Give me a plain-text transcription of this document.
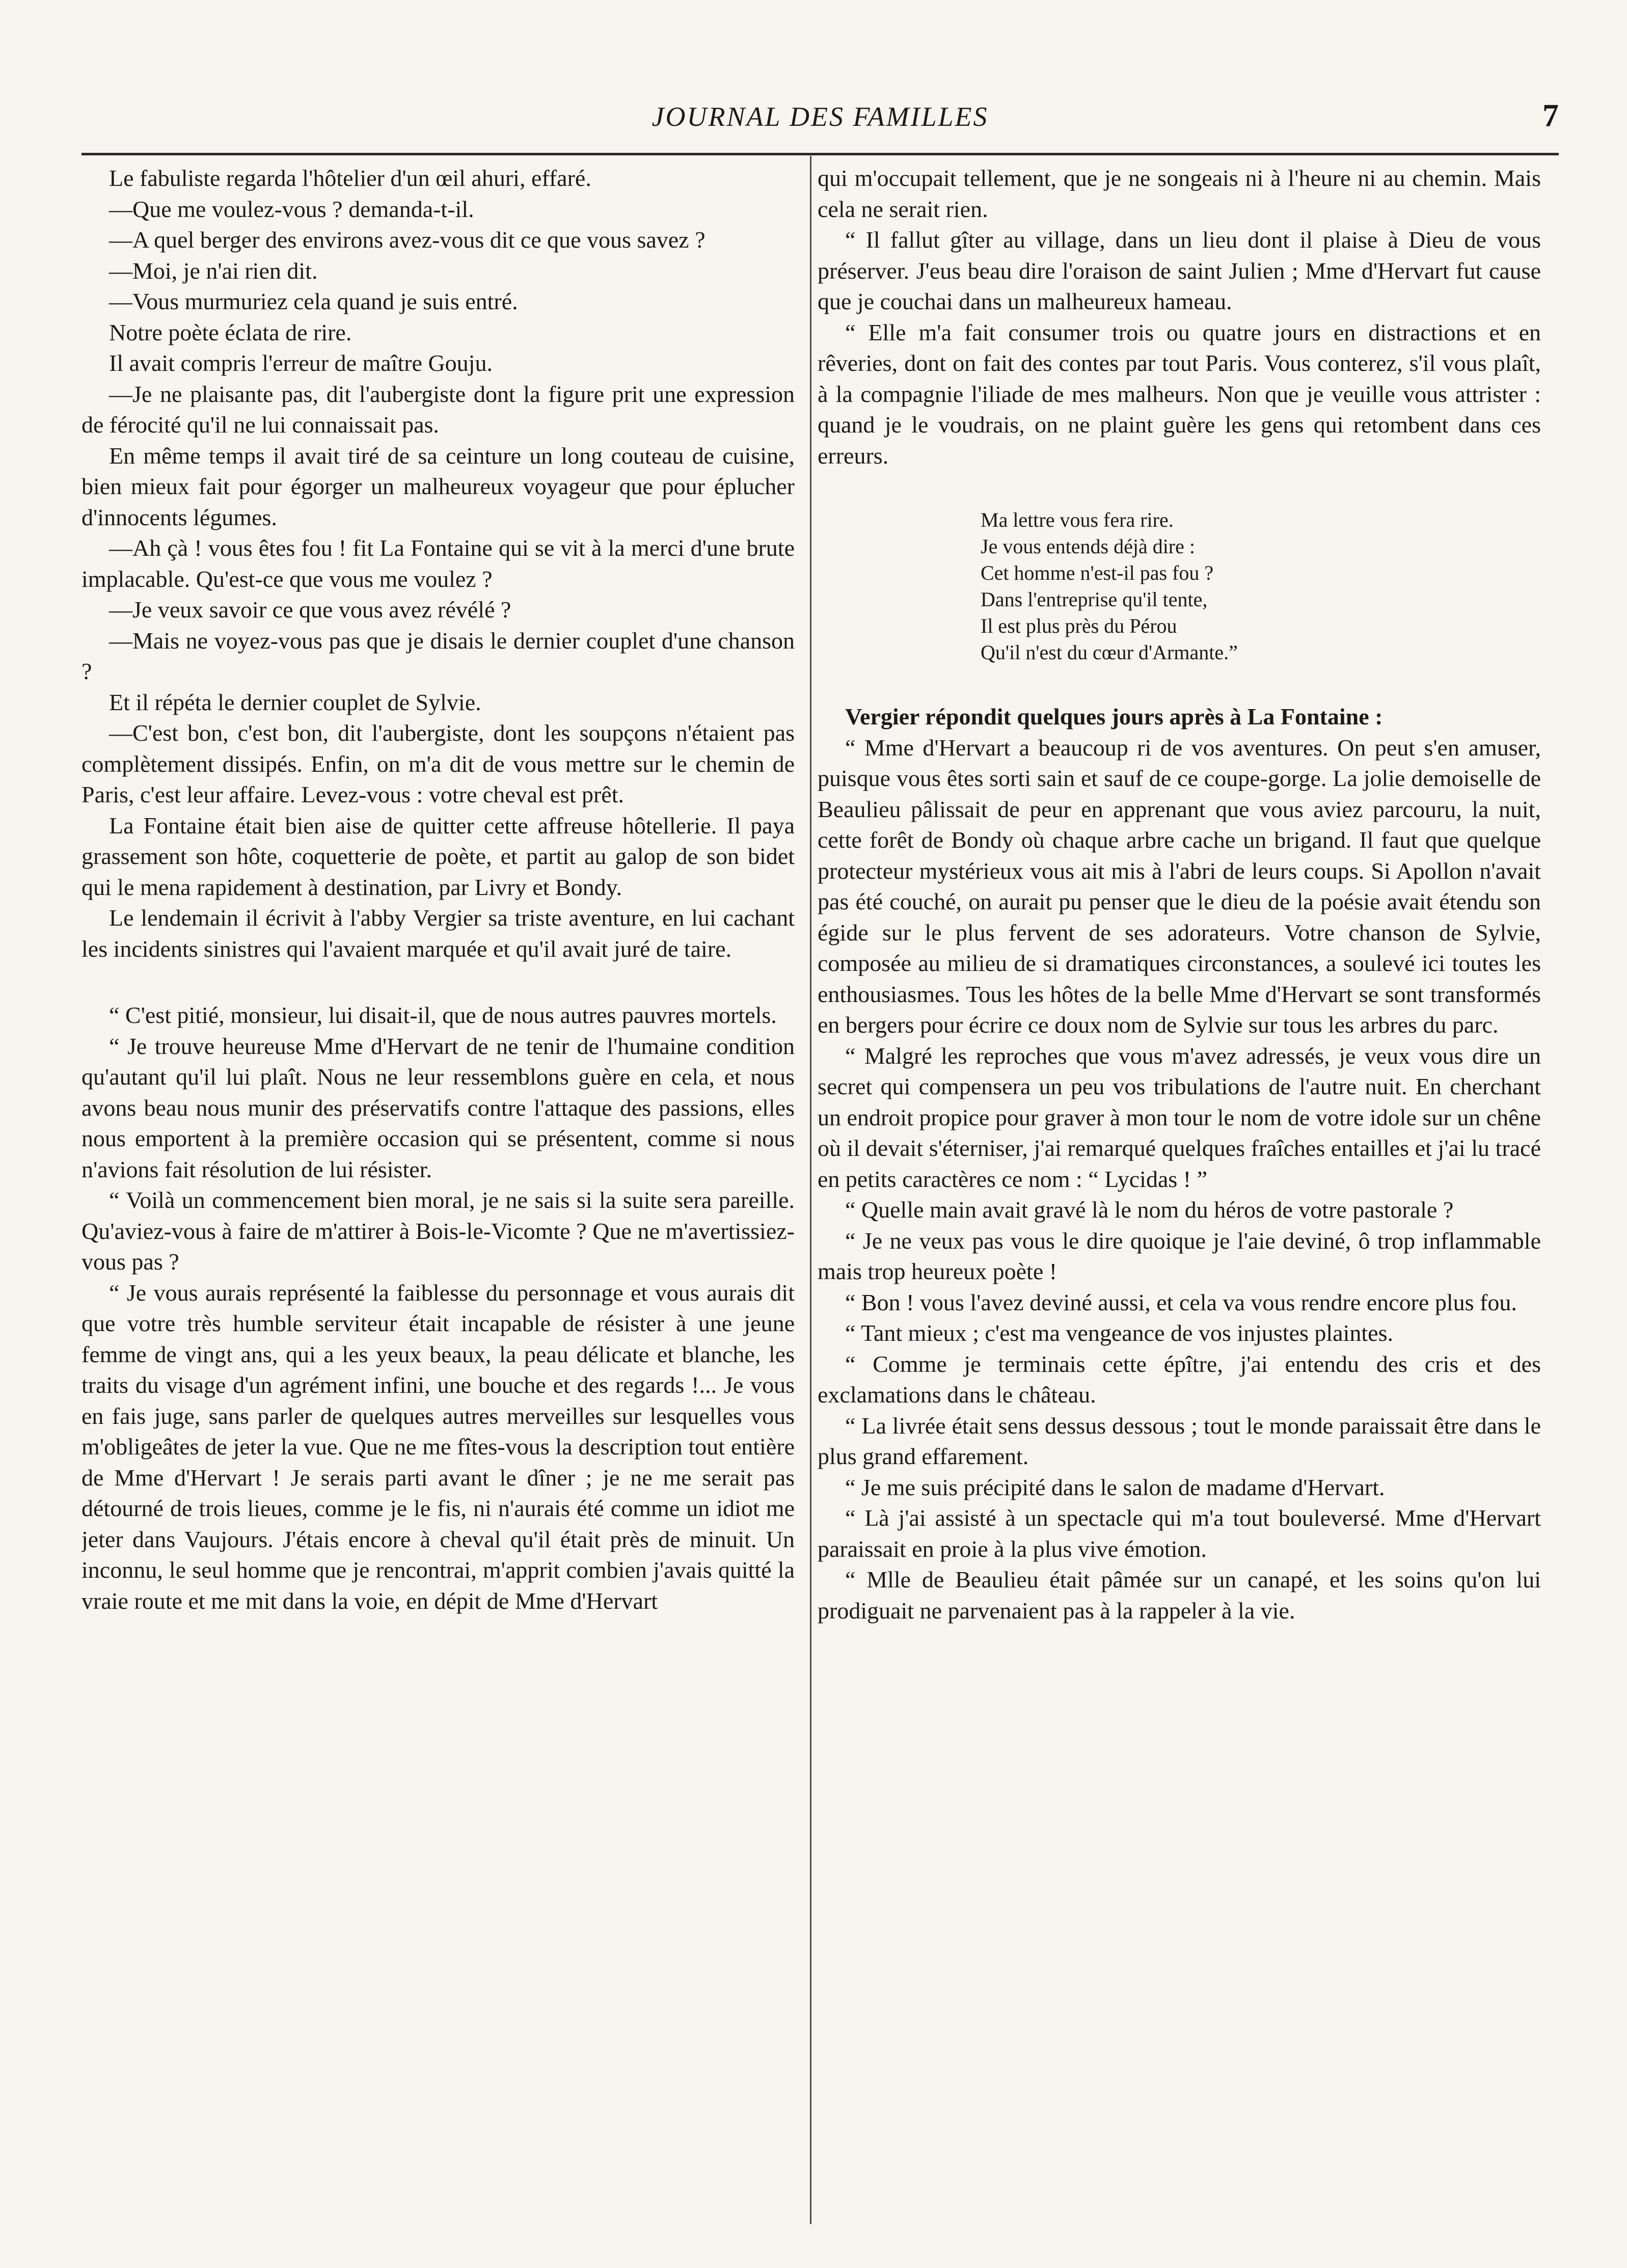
JOURNAL DES FAMILLES	7

Le fabuliste regarda l'hôtelier d'un œil ahuri, effaré.

—Que me voulez-vous ? demanda-t-il.

—A quel berger des environs avez-vous dit ce que vous savez ?

—Moi, je n'ai rien dit.

—Vous murmuriez cela quand je suis entré.

Notre poète éclata de rire.

Il avait compris l'erreur de maître Gouju.

—Je ne plaisante pas, dit l'aubergiste dont la figure prit une expression de férocité qu'il ne lui connaissait pas.

En même temps il avait tiré de sa ceinture un long couteau de cuisine, bien mieux fait pour égorger un malheureux voyageur que pour éplucher d'innocents légumes.

—Ah çà ! vous êtes fou ! fit La Fontaine qui se vit à la merci d'une brute implacable. Qu'est-ce que vous me voulez ?

—Je veux savoir ce que vous avez révélé ?

—Mais ne voyez-vous pas que je disais le dernier couplet d'une chanson ?

Et il répéta le dernier couplet de Sylvie.

—C'est bon, c'est bon, dit l'aubergiste, dont les soupçons n'étaient pas complètement dissipés. Enfin, on m'a dit de vous mettre sur le chemin de Paris, c'est leur affaire. Levez-vous : votre cheval est prêt.

La Fontaine était bien aise de quitter cette affreuse hôtellerie. Il paya grassement son hôte, coquetterie de poète, et partit au galop de son bidet qui le mena rapidement à destination, par Livry et Bondy.

Le lendemain il écrivit à l'abby Vergier sa triste aventure, en lui cachant les incidents sinistres qui l'avaient marquée et qu'il avait juré de taire.

“ C'est pitié, monsieur, lui disait-il, que de nous autres pauvres mortels.

“ Je trouve heureuse Mme d'Hervart de ne tenir de l'humaine condition qu'autant qu'il lui plaît. Nous ne leur ressemblons guère en cela, et nous avons beau nous munir des préservatifs contre l'attaque des passions, elles nous emportent à la première occasion qui se présentent, comme si nous n'avions fait résolution de lui résister.

“ Voilà un commencement bien moral, je ne sais si la suite sera pareille. Qu'aviez-vous à faire de m'attirer à Bois-le-Vicomte ? Que ne m'avertissiez-vous pas ?

“ Je vous aurais représenté la faiblesse du personnage et vous aurais dit que votre très humble serviteur était incapable de résister à une jeune femme de vingt ans, qui a les yeux beaux, la peau délicate et blanche, les traits du visage d'un agrément infini, une bouche et des regards !... Je vous en fais juge, sans parler de quelques autres merveilles sur lesquelles vous m'obligeâtes de jeter la vue. Que ne me fîtes-vous la description tout entière de Mme d'Hervart ! Je serais parti avant le dîner ; je ne me serait pas détourné de trois lieues, comme je le fis, ni n'aurais été comme un idiot me jeter dans Vaujours. J'étais encore à cheval qu'il était près de minuit. Un inconnu, le seul homme que je rencontrai, m'apprit combien j'avais quitté la vraie route et me mit dans la voie, en dépit de Mme d'Hervart

qui m'occupait tellement, que je ne songeais ni à l'heure ni au chemin. Mais cela ne serait rien.

“ Il fallut gîter au village, dans un lieu dont il plaise à Dieu de vous préserver. J'eus beau dire l'oraison de saint Julien ; Mme d'Hervart fut cause que je couchai dans un malheureux hameau.

“ Elle m'a fait consumer trois ou quatre jours en distractions et en rêveries, dont on fait des contes par tout Paris. Vous conterez, s'il vous plaît, à la compagnie l'iliade de mes malheurs. Non que je veuille vous attrister : quand je le voudrais, on ne plaint guère les gens qui retombent dans ces erreurs.

Ma lettre vous fera rire.
Je vous entends déjà dire :
Cet homme n'est-il pas fou ?
Dans l'entreprise qu'il tente,
Il est plus près du Pérou
Qu'il n'est du cœur d'Armante.”

Vergier répondit quelques jours après à La Fontaine :

“ Mme d'Hervart a beaucoup ri de vos aventures. On peut s'en amuser, puisque vous êtes sorti sain et sauf de ce coupe-gorge. La jolie demoiselle de Beaulieu pâlissait de peur en apprenant que vous aviez parcouru, la nuit, cette forêt de Bondy où chaque arbre cache un brigand. Il faut que quelque protecteur mystérieux vous ait mis à l'abri de leurs coups. Si Apollon n'avait pas été couché, on aurait pu penser que le dieu de la poésie avait étendu son égide sur le plus fervent de ses adorateurs. Votre chanson de Sylvie, composée au milieu de si dramatiques circonstances, a soulevé ici toutes les enthousiasmes. Tous les hôtes de la belle Mme d'Hervart se sont transformés en bergers pour écrire ce doux nom de Sylvie sur tous les arbres du parc.

“ Malgré les reproches que vous m'avez adressés, je veux vous dire un secret qui compensera un peu vos tribulations de l'autre nuit. En cherchant un endroit propice pour graver à mon tour le nom de votre idole sur un chêne où il devait s'éterniser, j'ai remarqué quelques fraîches entailles et j'ai lu tracé en petits caractères ce nom : “ Lycidas ! ”

“ Quelle main avait gravé là le nom du héros de votre pastorale ?

“ Je ne veux pas vous le dire quoique je l'aie deviné, ô trop inflammable mais trop heureux poète !

“ Bon ! vous l'avez deviné aussi, et cela va vous rendre encore plus fou.

“ Tant mieux ; c'est ma vengeance de vos injustes plaintes.

“ Comme je terminais cette épître, j'ai entendu des cris et des exclamations dans le château.

“ La livrée était sens dessus dessous ; tout le monde paraissait être dans le plus grand effarement.

“ Je me suis précipité dans le salon de madame d'Hervart.

“ Là j'ai assisté à un spectacle qui m'a tout bouleversé. Mme d'Hervart paraissait en proie à la plus vive émotion.

“ Mlle de Beaulieu était pâmée sur un canapé, et les soins qu'on lui prodiguait ne parvenaient pas à la rappeler à la vie.
